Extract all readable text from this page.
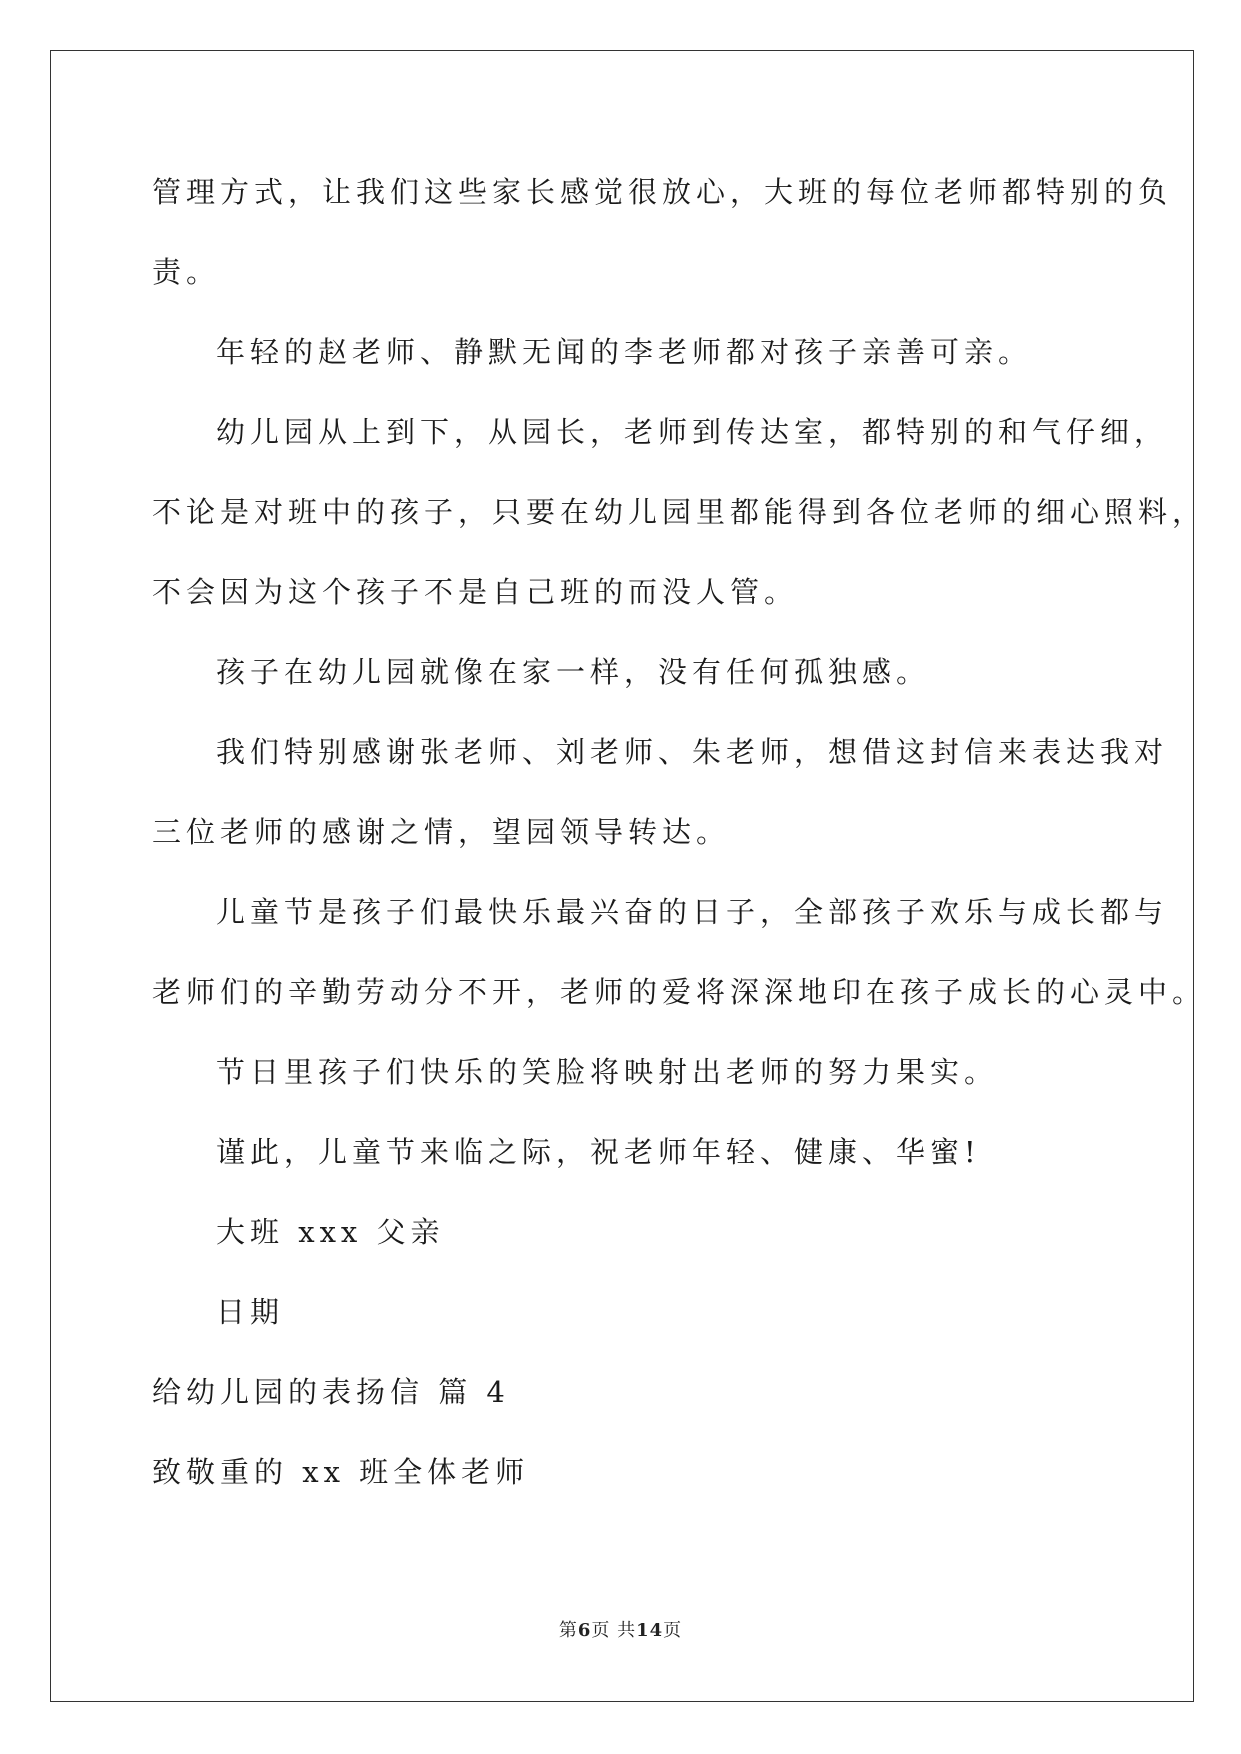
管理方式，让我们这些家长感觉很放心，大班的每位老师都特别的负
责。
年轻的赵老师、静默无闻的李老师都对孩子亲善可亲。
幼儿园从上到下，从园长，老师到传达室，都特别的和气仔细，
不论是对班中的孩子，只要在幼儿园里都能得到各位老师的细心照料，
不会因为这个孩子不是自己班的而没人管。
孩子在幼儿园就像在家一样，没有任何孤独感。
我们特别感谢张老师、刘老师、朱老师，想借这封信来表达我对
三位老师的感谢之情，望园领导转达。
儿童节是孩子们最快乐最兴奋的日子，全部孩子欢乐与成长都与
老师们的辛勤劳动分不开，老师的爱将深深地印在孩子成长的心灵中。
节日里孩子们快乐的笑脸将映射出老师的努力果实。
谨此，儿童节来临之际，祝老师年轻、健康、华蜜!
大班 xxx 父亲
日期
给幼儿园的表扬信 篇 4
致敬重的 xx 班全体老师
第6页 共14页
